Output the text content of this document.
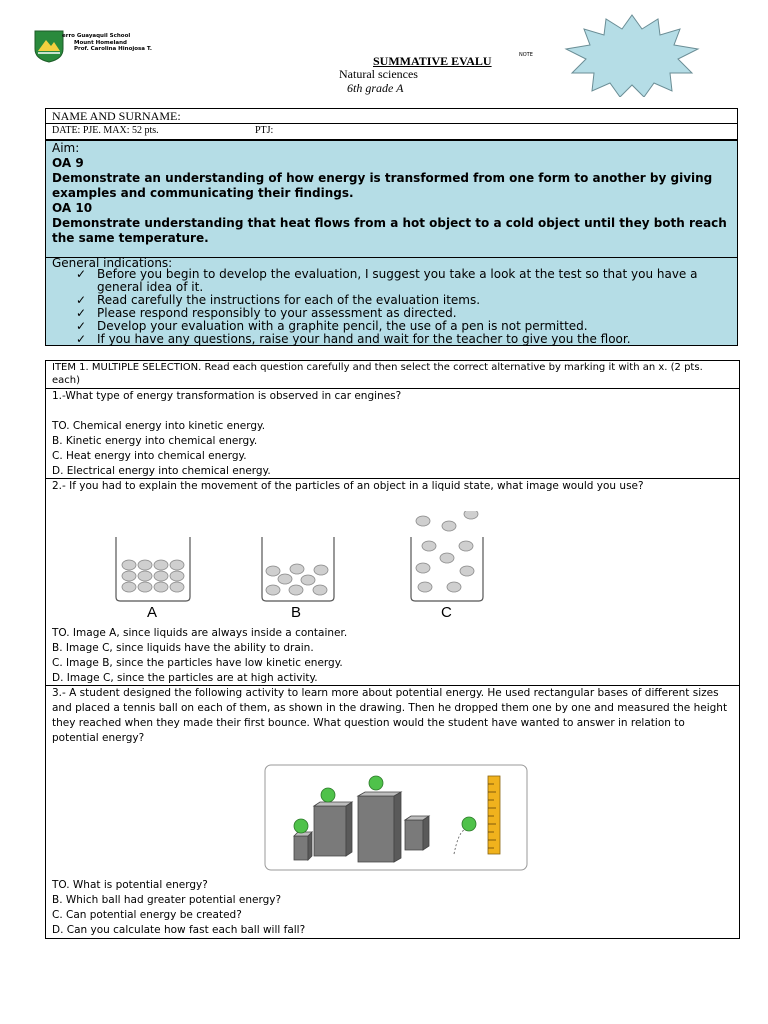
erro Guayaquil School
Mount Homeland
Prof. Carolina Hinojosa T.
SUMMATIVE EVALU	NOTE
Natural sciences
6th grade A
NAME AND SURNAME:
DATE: PJE. MAX: 52 pts.	PTJ:
Aim:
OA 9
Demonstrate an understanding of how energy is transformed from one form to another by giving examples and communicating their findings.
OA 10
Demonstrate understanding that heat flows from a hot object to a cold object until they both reach the same temperature.
General indications:
✓ Before you begin to develop the evaluation, I suggest you take a look at the test so that you have a general idea of it.
✓ Read carefully the instructions for each of the evaluation items.
✓ Please respond responsibly to your assessment as directed.
✓ Develop your evaluation with a graphite pencil, the use of a pen is not permitted.
✓ If you have any questions, raise your hand and wait for the teacher to give you the floor.
ITEM 1. MULTIPLE SELECTION. Read each question carefully and then select the correct alternative by marking it with an x. (2 pts. each)
1.-What type of energy transformation is observed in car engines?
TO. Chemical energy into kinetic energy.
B. Kinetic energy into chemical energy.
C. Heat energy into chemical energy.
D. Electrical energy into chemical energy.
2.- If you had to explain the movement of the particles of an object in a liquid state, what image would you use?
A	B	C
TO. Image A, since liquids are always inside a container.
B. Image C, since liquids have the ability to drain.
C. Image B, since the particles have low kinetic energy.
D. Image C, since the particles are at high activity.
3.- A student designed the following activity to learn more about potential energy. He used rectangular bases of different sizes and placed a tennis ball on each of them, as shown in the drawing. Then he dropped them one by one and measured the height they reached when they made their first bounce. What question would the student have wanted to answer in relation to potential energy?
TO. What is potential energy?
B. Which ball had greater potential energy?
C. Can potential energy be created?
D. Can you calculate how fast each ball will fall?
